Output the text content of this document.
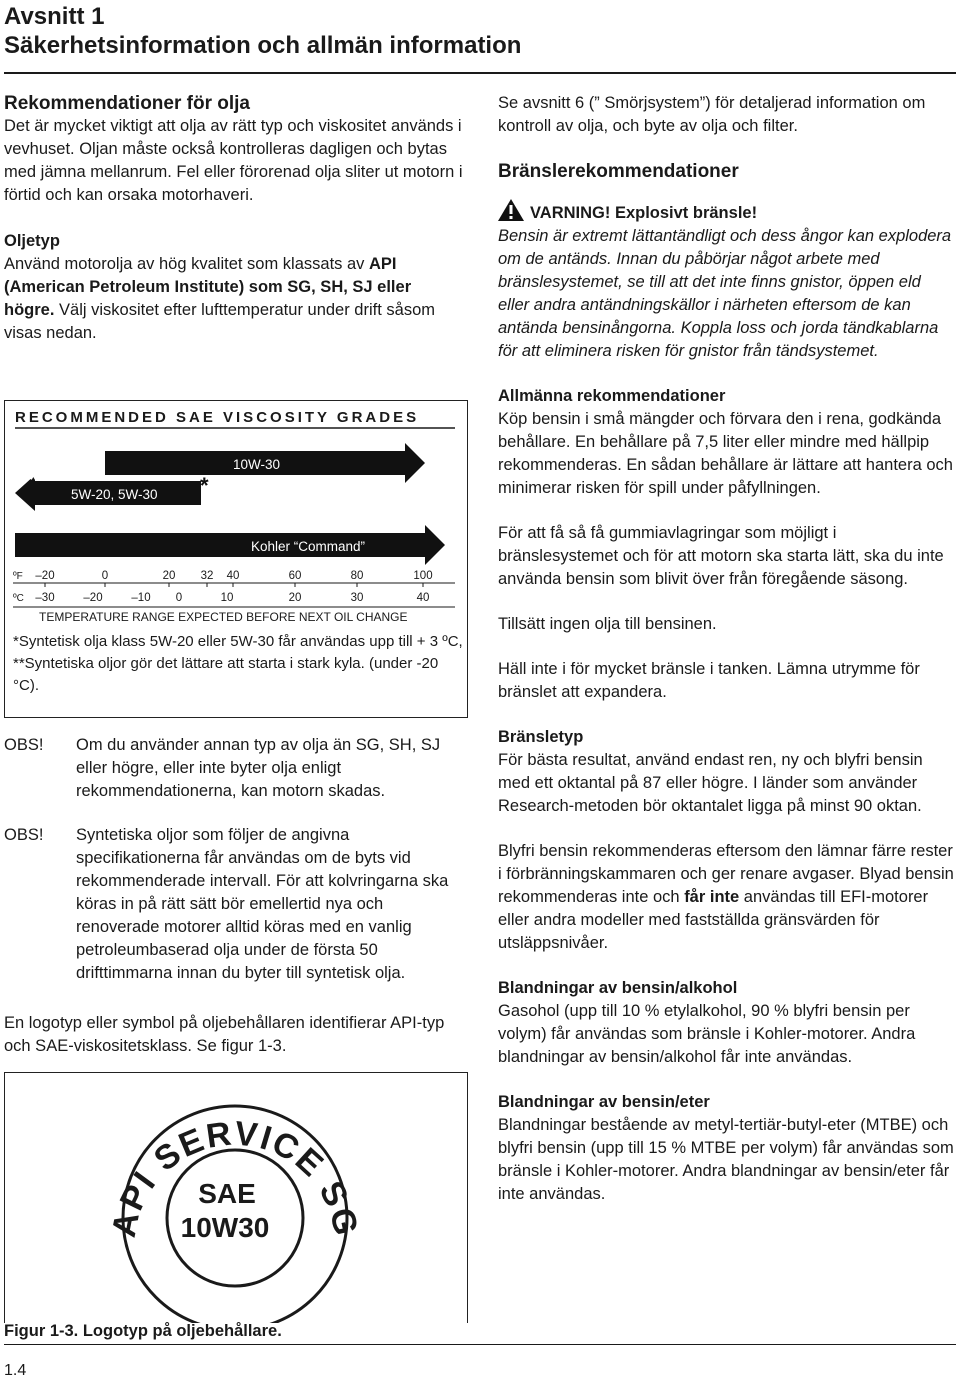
Avsnitt 1
Säkerhetsinformation och allmän information

Rekommendationer för olja

Det är mycket viktigt att olja av rätt typ och viskositet används i vevhuset. Oljan måste också kontrolleras dagligen och bytas med jämna mellanrum. Fel eller förorenad olja sliter ut motorn i förtid och kan orsaka motorhaveri.

Oljetyp

Använd motorolja av hög kvalitet som klassats av API (American Petroleum Institute) som SG, SH, SJ eller högre. Välj viskositet efter lufttemperatur under drift såsom visas nedan.

RECOMMENDED SAE VISCOSITY GRADES
5W-20, 5W-30
**
10W-30
*
Kohler “Command”
ºF
ºC
–20	0	20 32 40	60	80	100
–30	–20	–10 0	10	20	30	40
TEMPERATURE RANGE EXPECTED BEFORE NEXT OIL CHANGE
*Syntetisk olja klass 5W-20 eller 5W-30 får användas upp till + 3 ºC,
**Syntetiska oljor gör det lättare att starta i stark kyla. (under -20 °C).
OBS! Om du använder annan typ av olja än SG, SH, SJ eller högre, eller inte byter olja enligt rekommendationerna, kan motorn skadas.
OBS! Syntetiska oljor som följer de angivna specifikationerna får användas om de byts vid rekommenderade intervall. För att kolvringarna ska köras in på rätt sätt bör emellertid nya och renoverade motorer alltid köras med en vanlig petroleumbaserad olja under de första 50 drifttimmarna innan du byter till syntetisk olja.

En logotyp eller symbol på oljebehållaren identifierar API-typ och SAE-viskositetsklass. Se figur 1-3.

API SERVICE SG
SAE
10W30
Figur 1-3. Logotyp på oljebehållare.

Se avsnitt 6 (” Smörjsystem”) för detaljerad information om kontroll av olja, och byte av olja och filter.

Bränslerekommendationer

VARNING! Explosivt bränsle!

Bensin är extremt lättantändligt och dess ångor kan explodera om de antänds. Innan du påbörjar något arbete med bränslesystemet, se till att det inte finns gnistor, öppen eld eller andra antändningskällor i närheten eftersom de kan antända bensinångorna. Koppla loss och jorda tändkablarna för att eliminera risken för gnistor från tändsystemet.

Allmänna rekommendationer

Köp bensin i små mängder och förvara den i rena, godkända behållare. En behållare på 7,5 liter eller mindre med hällpip rekommenderas. En sådan behållare är lättare att hantera och minimerar risken för spill under påfyllningen.

För att få så få gummiavlagringar som möjligt i bränslesystemet och för att motorn ska starta lätt, ska du inte använda bensin som blivit över från föregående säsong.

Tillsätt ingen olja till bensinen.

Häll inte i för mycket bränsle i tanken. Lämna utrymme för bränslet att expandera.

Bränsletyp

För bästa resultat, använd endast ren, ny och blyfri bensin med ett oktantal på 87 eller högre. I länder som använder Research-metoden bör oktantalet ligga på minst 90 oktan.

Blyfri bensin rekommenderas eftersom den lämnar färre rester i förbränningskammaren och ger renare avgaser. Blyad bensin rekommenderas inte och får inte användas till EFI-motorer eller andra modeller med fastställda gränsvärden för utsläppsnivåer.

Blandningar av bensin/alkohol

Gasohol (upp till 10 % etylalkohol, 90 % blyfri bensin per volym) får användas som bränsle i Kohler-motorer. Andra blandningar av bensin/alkohol får inte användas.

Blandningar av bensin/eter

Blandningar bestående av metyl-tertiär-butyl-eter (MTBE) och blyfri bensin (upp till 15 % MTBE per volym) får användas som bränsle i Kohler-motorer. Andra blandningar av bensin/eter får inte användas.

1.4
